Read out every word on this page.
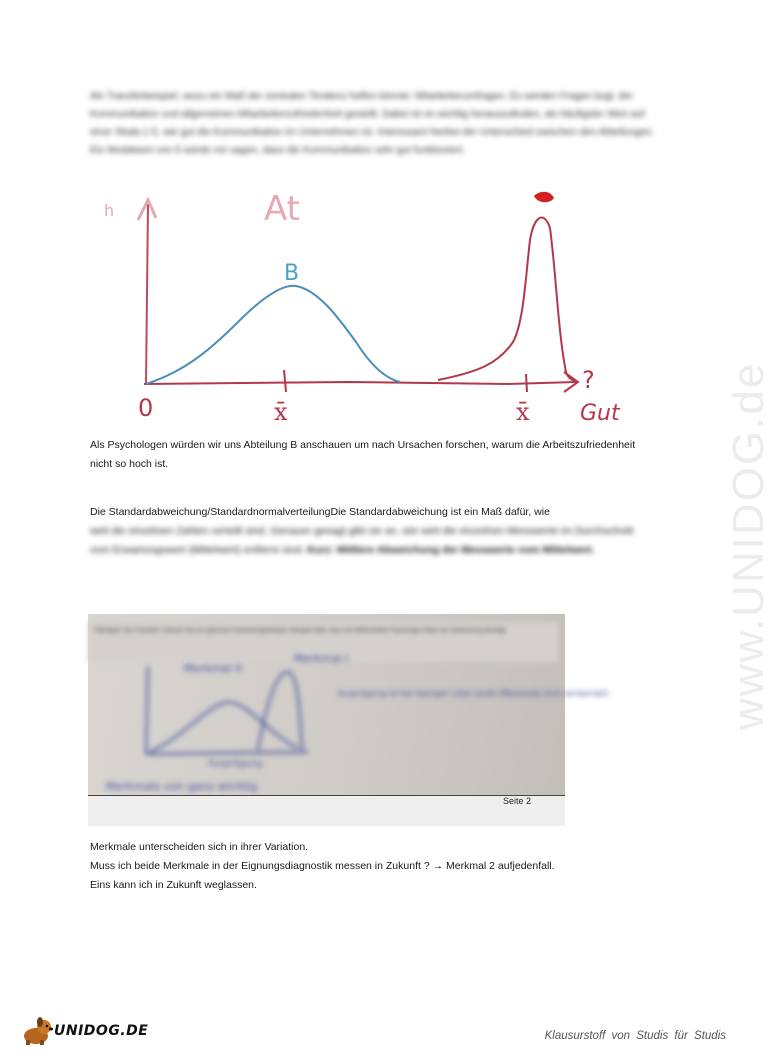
Als Transferbeispiel, wozu ein Maß der zentralen Tendenz helfen könnte: Mitarbeiterumfragen. Es werden Fragen bzgl. der Kommunikation und allgemeinen Mitarbeiterzufriedenheit gestellt. Dabei ist es wichtig herauszufinden, als häufigster Wert auf einer Skala 1-5, wie gut die Kommunikation im Unternehmen ist. Interessant hierbei der Unterschied zwischen den Abteilungen. Ein Modalwert von 5 würde mir sagen, dass die Kommunikation sehr gut funktioniert.
At
B
h
0	x̄	x̄
?
Gut
Als Psychologen würden wir uns Abteilung B anschauen um nach Ursachen forschen, warum die Arbeitszufriedenheit nicht so hoch ist.
Die Standardabweichung/StandardnormalverteilungDie Standardabweichung ist ein Maß dafür, wie
weit die einzelnen Zahlen verteilt sind. Genauer gesagt gibt sie an, wie weit die einzelnen Messwerte im Durchschnitt vom Erwartungswert (Mittelwert) entfernt sind. Kurz: Mittlere Abweichung der Messwerte vom Mittelwert.
Überlegen Sie (Transfer): Nennen Sie ein typisches Anwendungsbeispiel. Beispiel dafür, dass die Differentielle Psychologie Maße der Abweichung benötigt
Merkmal II
Merkmal I
Ausprägung ist bei wenigen viele Leute (Merkmale sind verwendet)
Ausprägung
Merkmale von ganz wichtig
Seite 2
Merkmale unterscheiden sich in ihrer Variation.
Muss ich beide Merkmale in der Eignungsdiagnostik messen in Zukunft ? → Merkmal 2 aufjedenfall.
Eins kann ich in Zukunft weglassen.
www.UNIDOG.de
UNIDOG.DE	Klausurstoff von Studis für Studis
